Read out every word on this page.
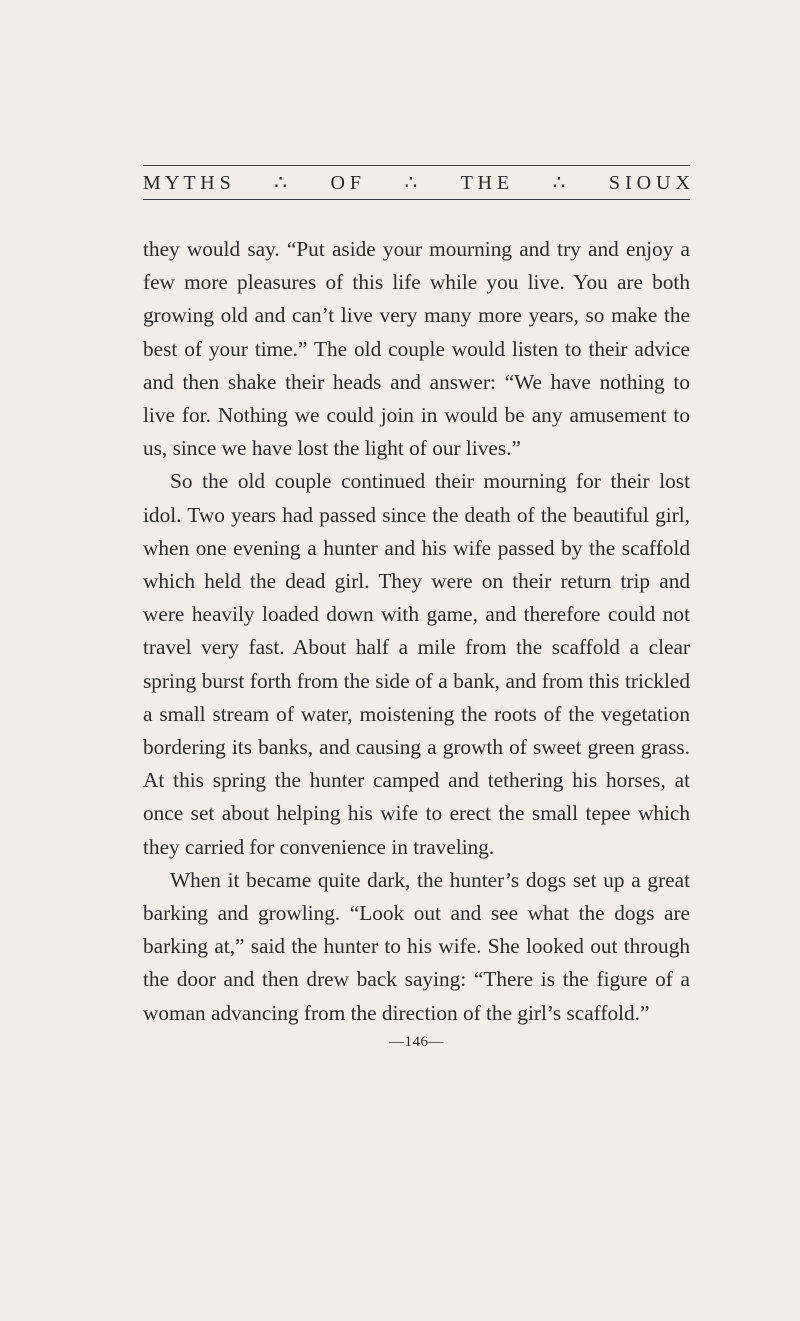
M Y T H S ∴ O F ∴ T H E ∴ S I O U X

they would say. “Put aside your mourning and try and enjoy a few more pleasures of this life while you live. You are both growing old and can’t live very many more years, so make the best of your time.” The old couple would listen to their advice and then shake their heads and answer: “We have nothing to live for. Nothing we could join in would be any amusement to us, since we have lost the light of our lives.”

So the old couple continued their mourning for their lost idol. Two years had passed since the death of the beautiful girl, when one evening a hunter and his wife passed by the scaffold which held the dead girl. They were on their return trip and were heavily loaded down with game, and therefore could not travel very fast. About half a mile from the scaffold a clear spring burst forth from the side of a bank, and from this trickled a small stream of water, moistening the roots of the vegetation bordering its banks, and causing a growth of sweet green grass. At this spring the hunter camped and tethering his horses, at once set about helping his wife to erect the small tepee which they carried for convenience in traveling.

When it became quite dark, the hunter’s dogs set up a great barking and growling. “Look out and see what the dogs are barking at,” said the hunter to his wife. She looked out through the door and then drew back saying: “There is the figure of a woman advancing from the direction of the girl’s scaffold.”

—146—
